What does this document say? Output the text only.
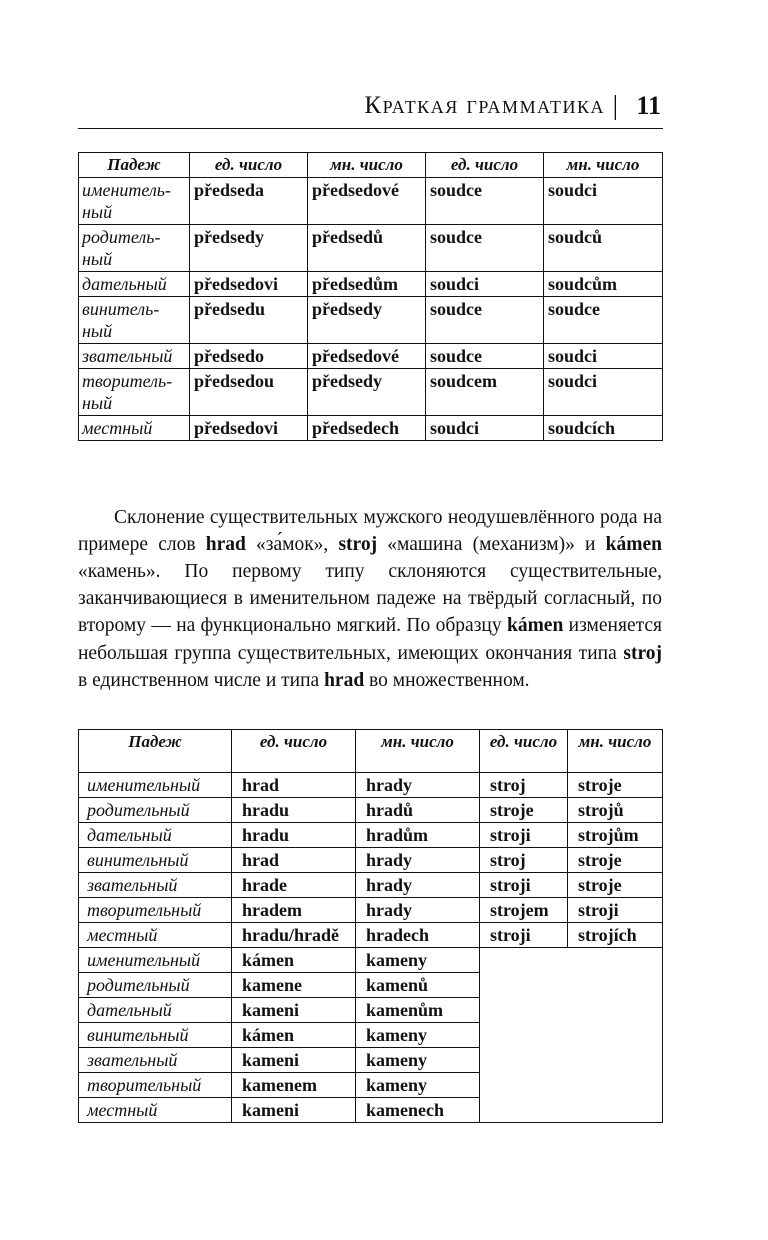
Краткая грамматика | 11
Падеж	ед. число	мн. число	ед. число	мн. число
именитель-ный	předseda	předsedové	soudce	soudci
родитель-ный	předsedy	předsedů	soudce	soudců
дательный	předsedovi	předsedům	soudci	soudcům
винитель-ный	předsedu	předsedy	soudce	soudce
звательный	předsedo	předsedové	soudce	soudci
творитель-ный	předsedou	předsedy	soudcem	soudci
местный	předsedovi	předsedech	soudci	soudcích

Склонение существительных мужского неодушевлённого рода на примере слов hrad «за́мок», stroj «машина (механизм)» и kámen «камень». По первому типу склоняются существительные, заканчивающиеся в именительном падеже на твёрдый согласный, по второму — на функционально мягкий. По образцу kámen изменяется небольшая группа существительных, имеющих окончания типа stroj в единственном числе и типа hrad во множественном.

Падеж	ед. число	мн. число	ед. число	мн. число
именительный	hrad	hrady	stroj	stroje
родительный	hradu	hradů	stroje	strojů
дательный	hradu	hradům	stroji	strojům
винительный	hrad	hrady	stroj	stroje
звательный	hrade	hrady	stroji	stroje
творительный	hradem	hrady	strojem	stroji
местный	hradu/hradě	hradech	stroji	strojích
именительный	kámen	kameny		
родительный	kamene	kamenů		
дательный	kameni	kamenům		
винительный	kámen	kameny		
звательный	kameni	kameny		
творительный	kamenem	kameny		
местный	kameni	kamenech		
